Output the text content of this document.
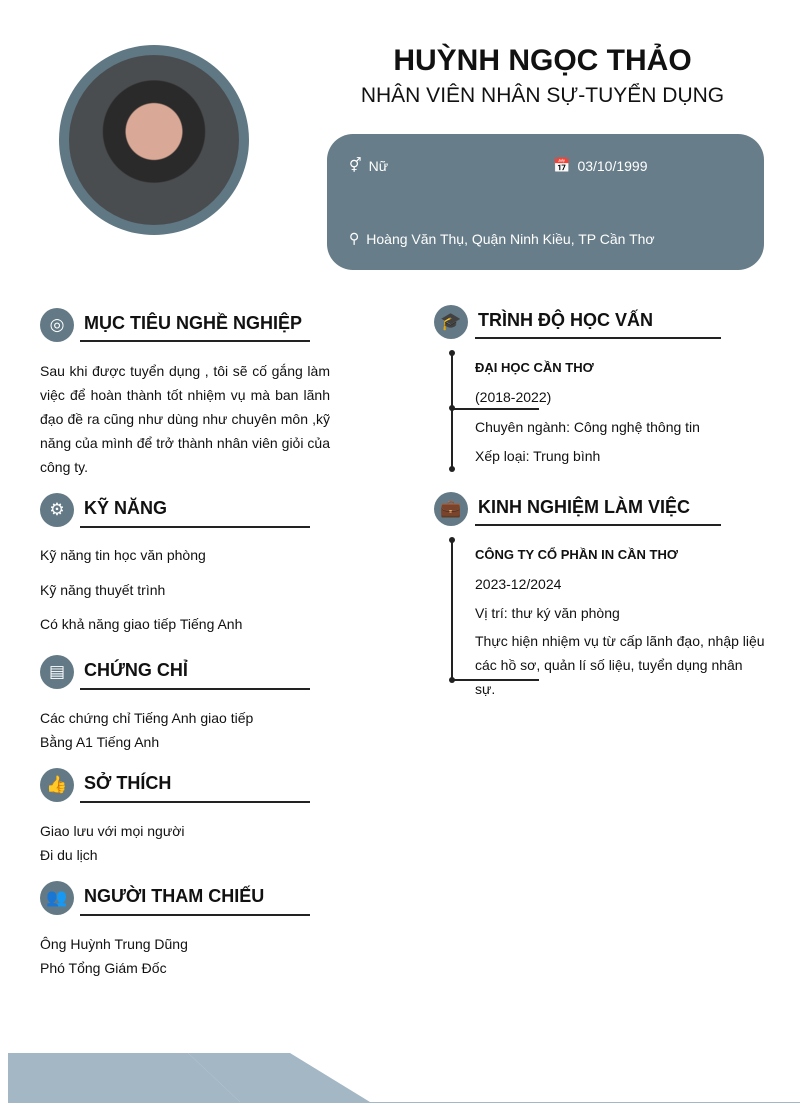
HUỲNH NGỌC THẢO
NHÂN VIÊN NHÂN SỰ-TUYỂN DỤNG
⚥ Nữ	📅 03/10/1999
⚲ Hoàng Văn Thụ, Quận Ninh Kiều, TP Cần Thơ
◎	MỤC TIÊU NGHỀ NGHIỆP
Sau khi được tuyển dụng , tôi sẽ cố gắng làm việc để hoàn thành tốt nhiệm vụ mà ban lãnh đạo đề ra cũng như dùng như chuyên môn ,kỹ năng của mình để trở thành nhân viên giỏi của công ty.
⚙	KỸ NĂNG
Kỹ năng tin học văn phòng
Kỹ năng thuyết trình
Có khả năng giao tiếp Tiếng Anh
▤	CHỨNG CHỈ
Các chứng chỉ Tiếng Anh giao tiếp
Bằng A1 Tiếng Anh
👍 SỞ THÍCH
Giao lưu với mọi người
Đi du lịch
👥 NGƯỜI THAM CHIẾU
Ông Huỳnh Trung Dũng
Phó Tổng Giám Đốc
🎓 TRÌNH ĐỘ HỌC VẤN
ĐẠI HỌC CẦN THƠ
(2018-2022)
Chuyên ngành: Công nghệ thông tin
Xếp loại: Trung bình
💼 KINH NGHIỆM LÀM VIỆC
CÔNG TY CỔ PHẦN IN CẦN THƠ
2023-12/2024
Vị trí: thư ký văn phòng
Thực hiện nhiệm vụ từ cấp lãnh đạo, nhập liệu các hồ sơ, quản lí số liệu, tuyển dụng nhân sự.
